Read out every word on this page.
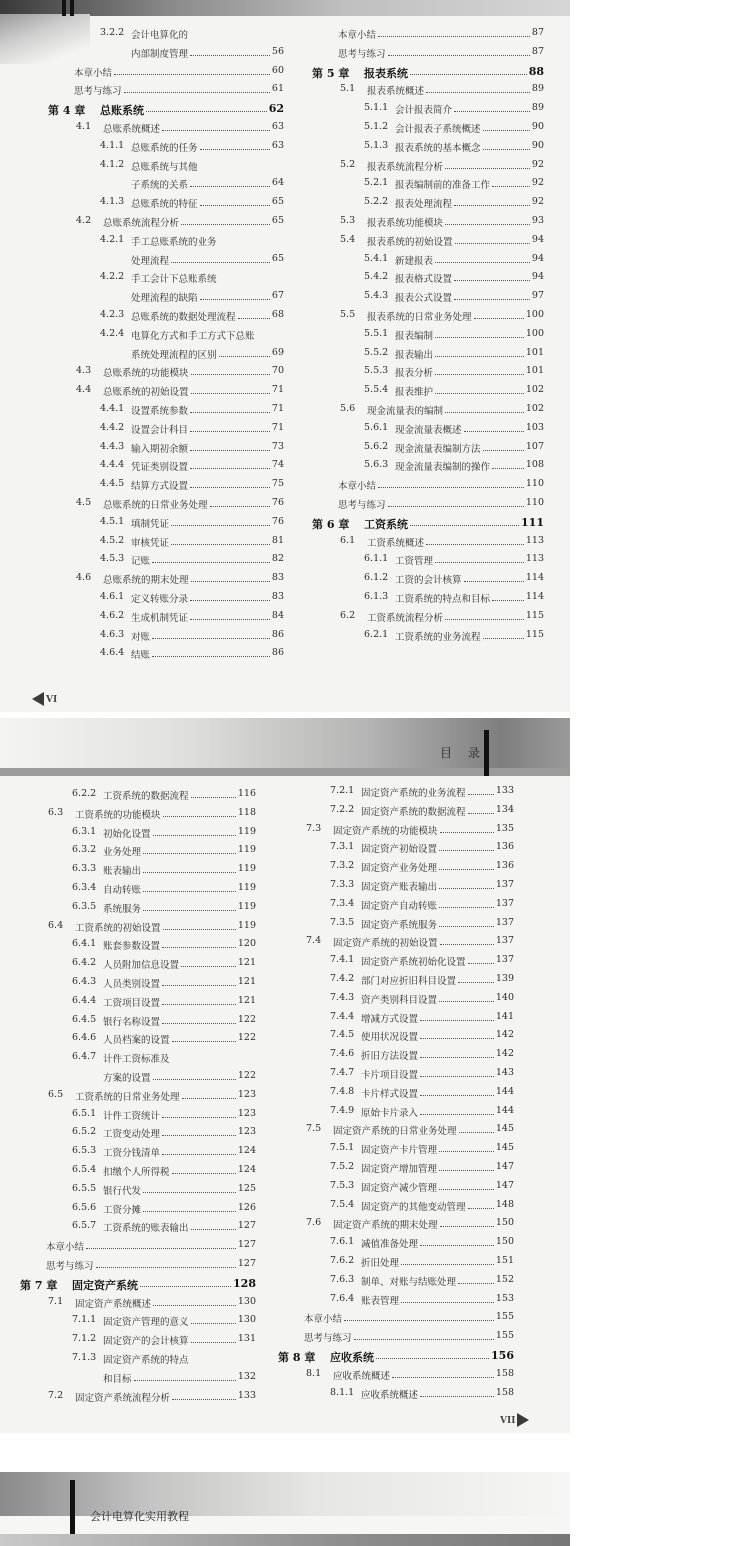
3.2.2 会计电算化的
内部制度管理	56
本章小结	60
思考与练习	61
第 4 章 总账系统	62
4.1 总账系统概述	63
4.1.1 总账系统的任务	63
4.1.2 总账系统与其他
子系统的关系	64
4.1.3 总账系统的特征	65
4.2 总账系统流程分析	65
4.2.1 手工总账系统的业务
处理流程	65
4.2.2 手工会计下总账系统
处理流程的缺陷	67
4.2.3 总账系统的数据处理流程	68
4.2.4 电算化方式和手工方式下总账
系统处理流程的区别	69
4.3 总账系统的功能模块	70
4.4 总账系统的初始设置	71
4.4.1 设置系统参数	71
4.4.2 设置会计科目	71
4.4.3 输入期初余额	73
4.4.4 凭证类别设置	74
4.4.5 结算方式设置	75
4.5 总账系统的日常业务处理	76
4.5.1 填制凭证	76
4.5.2 审核凭证	81
4.5.3 记账	82
4.6 总账系统的期末处理	83
4.6.1 定义转账分录	83
4.6.2 生成机制凭证	84
4.6.3 对账	86
4.6.4 结账	86
本章小结	87
思考与练习	87
第 5 章 报表系统	88
5.1 报表系统概述	89
5.1.1 会计报表简介	89
5.1.2 会计报表子系统概述	90
5.1.3 报表系统的基本概念	90
5.2 报表系统流程分析	92
5.2.1 报表编制前的准备工作	92
5.2.2 报表处理流程	92
5.3 报表系统功能模块	93
5.4 报表系统的初始设置	94
5.4.1 新建报表	94
5.4.2 报表格式设置	94
5.4.3 报表公式设置	97
5.5 报表系统的日常业务处理	100
5.5.1 报表编制	100
5.5.2 报表输出	101
5.5.3 报表分析	101
5.5.4 报表维护	102
5.6 现金流量表的编制	102
5.6.1 现金流量表概述	103
5.6.2 现金流量表编制方法	107
5.6.3 现金流量表编制的操作	108
本章小结	110
思考与练习	110
第 6 章 工资系统	111
6.1 工资系统概述	113
6.1.1 工资管理	113
6.1.2 工资的会计核算	114
6.1.3 工资系统的特点和目标	114
6.2 工资系统流程分析	115
6.2.1 工资系统的业务流程	115
VI
目 录
6.2.2 工资系统的数据流程	116
6.3 工资系统的功能模块	118
6.3.1 初始化设置	119
6.3.2 业务处理	119
6.3.3 账表输出	119
6.3.4 自动转账	119
6.3.5 系统服务	119
6.4 工资系统的初始设置	119
6.4.1 账套参数设置	120
6.4.2 人员附加信息设置	121
6.4.3 人员类别设置	121
6.4.4 工资项目设置	121
6.4.5 银行名称设置	122
6.4.6 人员档案的设置	122
6.4.7 计件工资标准及
方案的设置	122
6.5 工资系统的日常业务处理	123
6.5.1 计件工资统计	123
6.5.2 工资变动处理	123
6.5.3 工资分钱清单	124
6.5.4 扣缴个人所得税	124
6.5.5 银行代发	125
6.5.6 工资分摊	126
6.5.7 工资系统的账表输出	127
本章小结	127
思考与练习	127
第 7 章 固定资产系统	128
7.1 固定资产系统概述	130
7.1.1 固定资产管理的意义	130
7.1.2 固定资产的会计核算	131
7.1.3 固定资产系统的特点
和目标	132
7.2 固定资产系统流程分析	133
7.2.1 固定资产系统的业务流程	133
7.2.2 固定资产系统的数据流程	134
7.3 固定资产系统的功能模块	135
7.3.1 固定资产初始设置	136
7.3.2 固定资产业务处理	136
7.3.3 固定资产账表输出	137
7.3.4 固定资产自动转账	137
7.3.5 固定资产系统服务	137
7.4 固定资产系统的初始设置	137
7.4.1 固定资产系统初始化设置	137
7.4.2 部门对应折旧科目设置	139
7.4.3 资产类别科目设置	140
7.4.4 增减方式设置	141
7.4.5 使用状况设置	142
7.4.6 折旧方法设置	142
7.4.7 卡片项目设置	143
7.4.8 卡片样式设置	144
7.4.9 原始卡片录入	144
7.5 固定资产系统的日常业务处理	145
7.5.1 固定资产卡片管理	145
7.5.2 固定资产增加管理	147
7.5.3 固定资产减少管理	147
7.5.4 固定资产的其他变动管理	148
7.6 固定资产系统的期末处理	150
7.6.1 减值准备处理	150
7.6.2 折旧处理	151
7.6.3 制单、对账与结账处理	152
7.6.4 账表管理	153
本章小结	155
思考与练习	155
第 8 章 应收系统	156
8.1 应收系统概述	158
8.1.1 应收系统概述	158
VII
会计电算化实用教程
